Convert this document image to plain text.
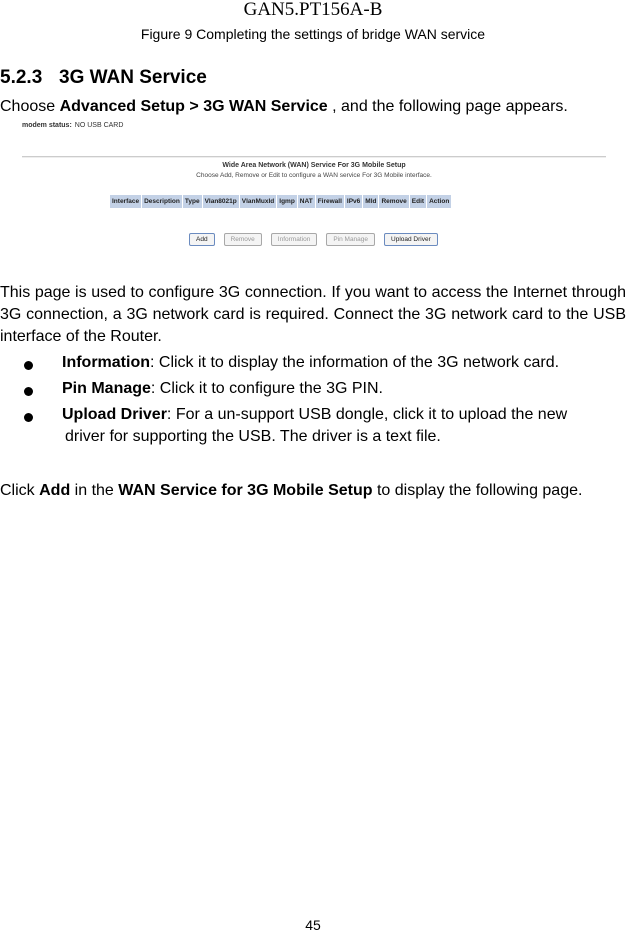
GAN5.PT156A-B
Figure 9 Completing the settings of bridge WAN service
5.2.3 3G WAN Service
Choose Advanced Setup > 3G WAN Service , and the following page appears.
modem status: NO USB CARD
Wide Area Network (WAN) Service For 3G Mobile Setup
Choose Add, Remove or Edit to configure a WAN service For 3G Mobile interface.
Interface	Description	Type	Vlan8021p	VlanMuxId	Igmp	NAT	Firewall	IPv6	Mld	Remove	Edit	Action
Add	Remove	Information	Pin Manage	Upload Driver
This page is used to configure 3G connection. If you want to access the Internet through 3G connection, a 3G network card is required. Connect the 3G network card to the USB interface of the Router.
Information: Click it to display the information of the 3G network card.
Pin Manage: Click it to configure the 3G PIN.
Upload Driver: For a un-support USB dongle, click it to upload the new
driver for supporting the USB. The driver is a text file.
Click Add in the WAN Service for 3G Mobile Setup to display the following page.
45
